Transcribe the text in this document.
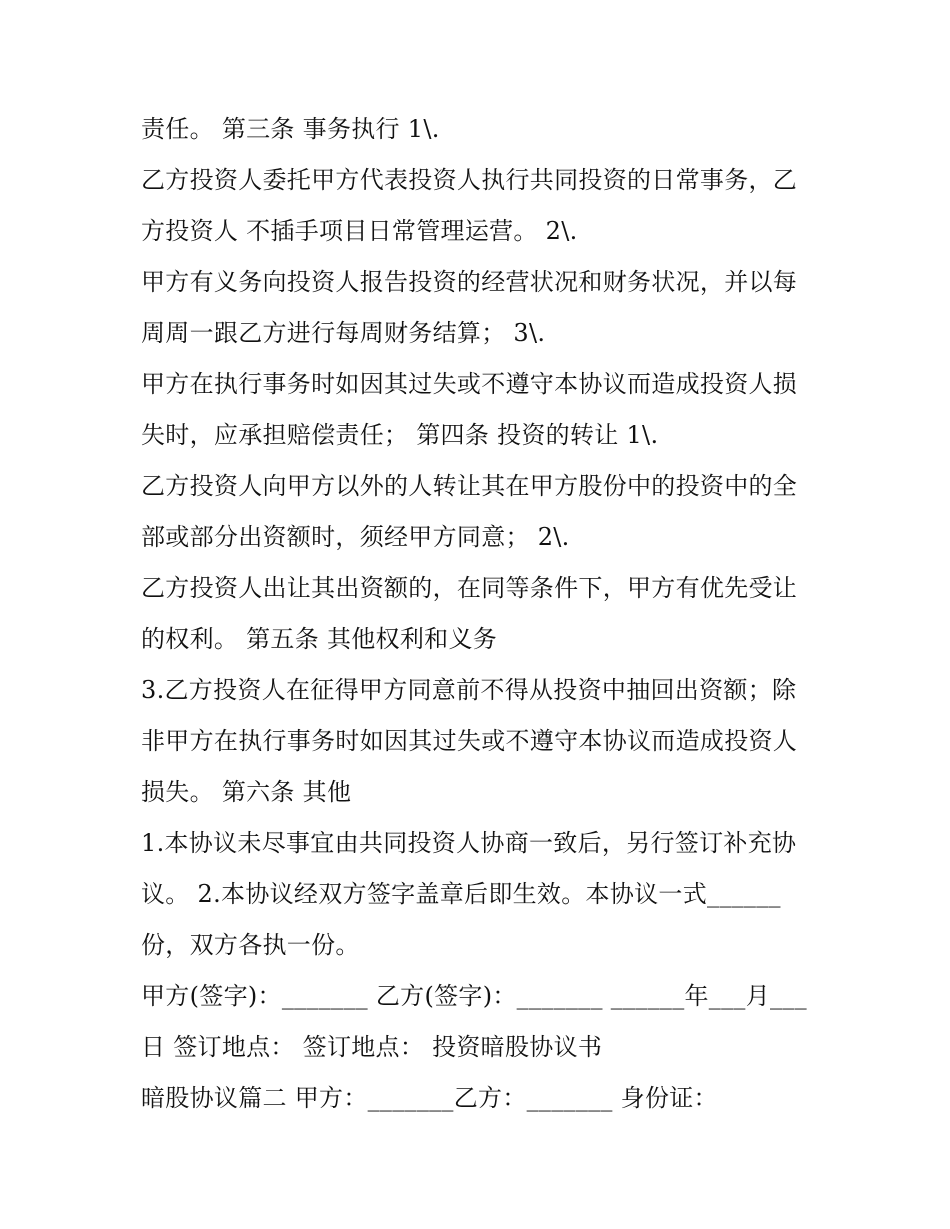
责任。 第三条 事务执行 1\.
乙方投资人委托甲方代表投资人执行共同投资的日常事务，乙
方投资人 不插手项目日常管理运营。 2\.
甲方有义务向投资人报告投资的经营状况和财务状况，并以每
周周一跟乙方进行每周财务结算； 3\.
甲方在执行事务时如因其过失或不遵守本协议而造成投资人损
失时，应承担赔偿责任； 第四条 投资的转让 1\.
乙方投资人向甲方以外的人转让其在甲方股份中的投资中的全
部或部分出资额时，须经甲方同意； 2\.
乙方投资人出让其出资额的，在同等条件下，甲方有优先受让
的权利。 第五条 其他权利和义务
3.乙方投资人在征得甲方同意前不得从投资中抽回出资额；除
非甲方在执行事务时如因其过失或不遵守本协议而造成投资人
损失。 第六条 其他
1.本协议未尽事宜由共同投资人协商一致后，另行签订补充协
议。 2.本协议经双方签字盖章后即生效。本协议一式______
份，双方各执一份。
甲方(签字)：_______ 乙方(签字)：_______ ______年___月___
日 签订地点： 签订地点： 投资暗股协议书
暗股协议篇二 甲方：_______乙方：_______ 身份证：
